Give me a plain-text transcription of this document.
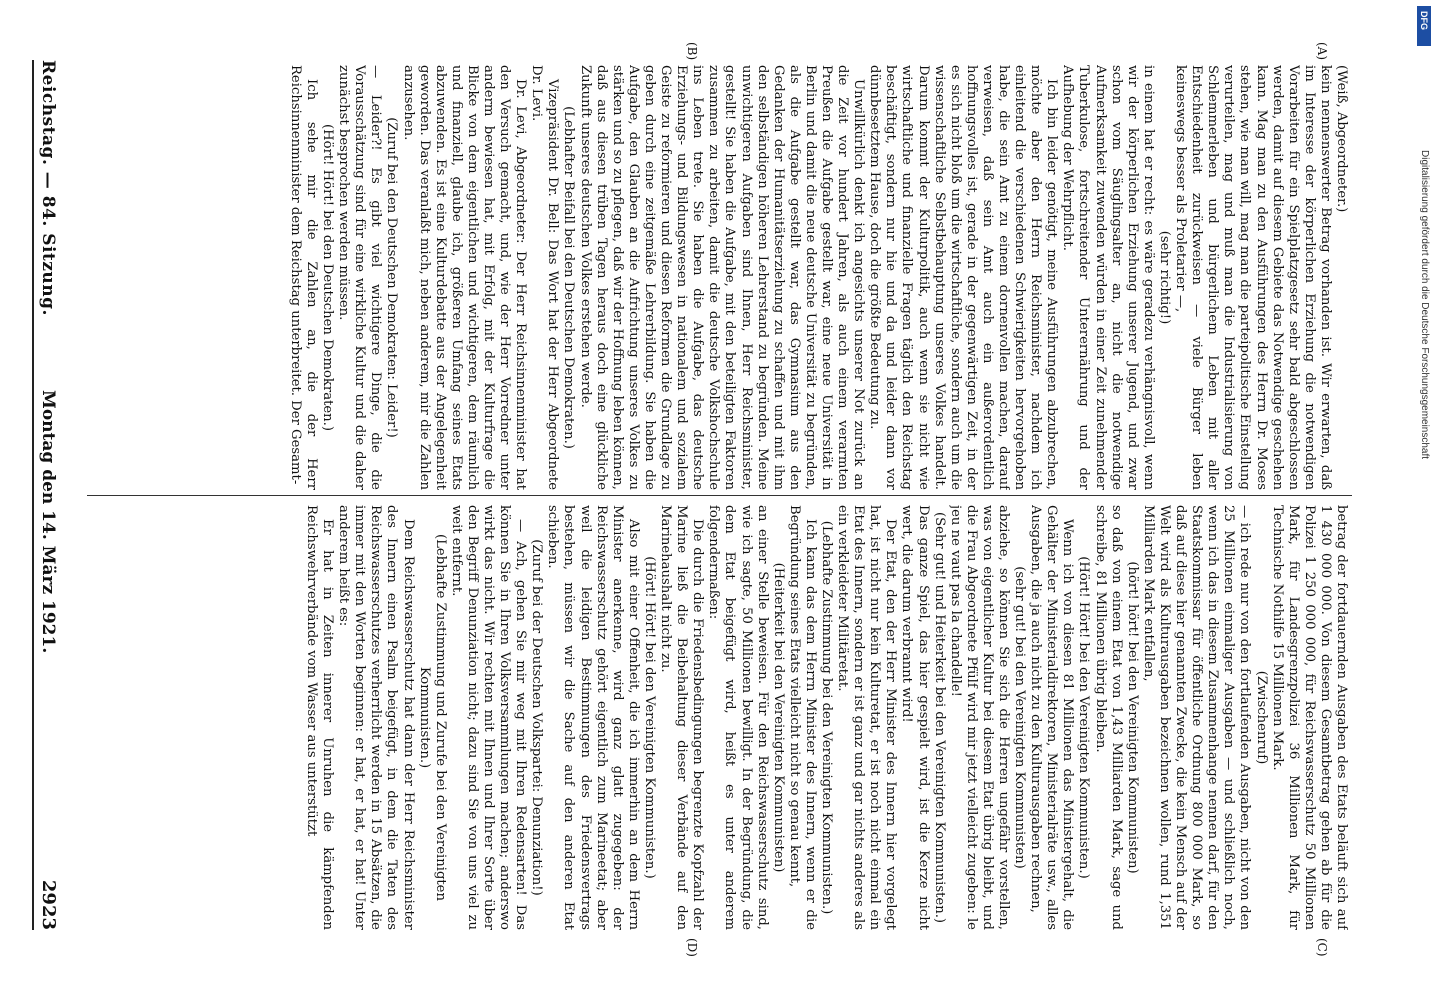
Reichstag. — 84. Sitzung.
Montag den 14. März 1921.
2923
(A)
(B)
(C)
(D)

(Weiß, Abgeordneter.)

kein nennenswerter Betrag vorhanden ist. Wir erwarten, daß im Interesse der körperlichen Erziehung die notwendigen Vorarbeiten für ein Spielplatzgesetz sehr bald abgeschlossen werden, damit auf diesem Gebiete das Notwendige geschehen kann. Mag man zu den Ausführungen des Herrn Dr. Moses stehen, wie man will, mag man die parteipolitische Einstellung verurteilen, mag und muß man die Industrialisierung von Schlemmerleben und bürgerlichem Leben mit aller Entschiedenheit zurückweisen — viele Bürger leben keineswegs besser als Proletarier —,

(sehr richtig!)

in einem hat er recht: es wäre geradezu verhängnisvoll, wenn wir der körperlichen Erziehung unserer Jugend, und zwar schon vom Säuglingsalter an, nicht die notwendige Aufmerksamkeit zuwenden würden in einer Zeit zunehmender Tuberkulose, fortschreitender Unterernährung und der Aufhebung der Wehrpflicht.

Ich bin leider genötigt, meine Ausführungen abzubrechen, möchte aber den Herrn Reichsminister, nachdem ich einleitend die verschiedenen Schwierigkeiten hervorgehoben habe, die sein Amt zu einem dornenvollen machen, darauf verweisen, daß sein Amt auch ein außerordentlich hoffnungsvolles ist, gerade in der gegenwärtigen Zeit, in der es sich nicht bloß um die wirtschaftliche, sondern auch um die wissenschaftliche Selbstbehauptung unseres Volkes handelt. Darum kommt der Kulturpolitik, auch wenn sie nicht wie wirtschaftliche und finanzielle Fragen täglich den Reichstag beschäftigt, sondern nur hie und da und leider dann vor dünnbesetztem Hause, doch die größte Bedeutung zu.

Unwillkürlich denkt ich angesichts unserer Not zurück an die Zeit vor hundert Jahren, als auch einem verarmten Preußen die Aufgabe gestellt war, eine neue Universität in Berlin und damit die neue deutsche Universität zu begründen, als die Aufgabe gestellt war, das Gymnasium aus den Gedanken der Humanitätserziehung zu schaffen und mit ihm den selbständigen höheren Lehrerstand zu begründen. Meine unwichtigeren Aufgaben sind Ihnen, Herr Reichsminister, gestellt! Sie haben die Aufgabe, mit den beteiligten Faktoren zusammen zu arbeiten, damit die deutsche Volkshochschule ins Leben trete. Sie haben die Aufgabe, das deutsche Erziehungs- und Bildungswesen in nationalem und sozialem Geiste zu reformieren und diesen Reformen die Grundlage zu geben durch eine zeitgemäße Lehrerbildung. Sie haben die Aufgabe, den Glauben an die Aufrichtung unseres Volkes zu stärken und so zu pflegen, daß wir der Hoffnung leben können, daß aus diesen trüben Tagen heraus doch eine glückliche Zukunft unseres deutschen Volkes erstehen werde.

(Lebhafter Beifall bei den Deutschen Demokraten.)

Vizepräsident Dr. Bell: Das Wort hat der Herr Abgeordnete Dr. Levi.

Dr. Levi, Abgeordneter: Der Herr Reichsinnenminister hat den Versuch gemacht, und, wie der Herr Vorredner unter anderm bewiesen hat, mit Erfolg, mit der Kulturfrage die Blicke von dem eigentlichen und wichtigeren, dem räumlich und finanziell, glaube ich, größeren Umfang seines Etats abzuwenden. Es ist eine Kulturdebatte aus der Angelegenheit geworden. Das veranlaßt mich, neben anderem, mir die Zahlen anzusehen.

(Zuruf bei den Deutschen Demokraten: Leider!)

— Leider?! Es gibt viel wichtigere Dinge, die die Vorausschätzung sind für eine wirkliche Kultur und die daher zunächst besprochen werden müssen.

(Hört! Hört! bei den Deutschen Demokraten.)

Ich sehe mir die Zahlen an, die der Herr Reichsinnenminister dem Reichstag unterbreitet. Der Gesamt-

betrag der fortdauernden Ausgaben des Etats beläuft sich auf 1 430 000 000. Von diesem Gesamtbetrag gehen ab für die Polizei 1 250 000 000, für Reichswasserschutz 50 Millionen Mark, für Landesgrenzpolizei 36 Millionen Mark, für Technische Nothilfe 15 Millionen Mark.

(Zwischenruf)

— ich rede nur von den fortlaufenden Ausgaben, nicht von den 25 Millionen einmaliger Ausgaben — und schließlich noch, wenn ich das in diesem Zusammenhange nennen darf, für den Staatskommissar für öffentliche Ordnung 800 000 Mark, so daß auf diese hier genannten Zwecke, die kein Mensch auf der Welt wird als Kulturausgaben bezeichnen wollen, rund 1,351 Milliarden Mark entfallen,

(hört! hört! bei den Vereinigten Kommunisten)

so daß von einem Etat von 1,43 Milliarden Mark, sage und schreibe, 81 Millionen übrig bleiben.

(Hört! Hört! bei den Vereinigten Kommunisten.)

Wenn ich von diesen 81 Millionen das Ministergehalt, die Gehälter der Ministerialdirektoren, Ministerialräte usw., alles Ausgaben, die ja auch nicht zu den Kulturausgaben rechnen,

(sehr gut! bei den Vereinigten Kommunisten)

abziehe, so können Sie sich die Herren ungefähr vorstellen, was von eigentlicher Kultur bei diesem Etat übrig bleibt, und die Frau Abgeordnete Pfülf wird mir jetzt vielleicht zugeben: le jeu ne vaut pas la chandelle!

(Sehr gut! und Heiterkeit bei den Vereinigten Kommunisten.)

Das ganze Spiel, das hier gespielt wird, ist die Kerze nicht wert, die darum verbrannt wird!

Der Etat, den der Herr Minister des Innern hier vorgelegt hat, ist nicht nur kein Kulturetat, er ist noch nicht einmal ein Etat des Innern, sondern er ist ganz und gar nichts anderes als ein verkleideter Militäretat.

(Lebhafte Zustimmung bei den Vereinigten Kommunisten.)

Ich kann das dem Herrn Minister des Innern, wenn er die Begründung seines Etats vielleicht nicht so genau kennt,

(Heiterkeit bei den Vereinigten Kommunisten)

an einer Stelle beweisen. Für den Reichswasserschutz sind, wie ich sagte, 50 Millionen bewilligt. In der Begründung, die dem Etat beigefügt wird, heißt es unter anderem folgendermaßen:

Die durch die Friedensbedingungen begrenzte Kopfzahl der Marine ließ die Beibehaltung dieser Verbände auf den Marinehaushalt nicht zu.

(Hört! Hört! bei den Vereinigten Kommunisten.)

Also mit einer Offenheit, die ich immerhin an dem Herrn Minister anerkenne, wird ganz glatt zugegeben: der Reichswasserschutz gehört eigentlich zum Marineetat; aber weil die leidigen Bestimmungen des Friedensvertrags bestehen, müssen wir die Sache auf den anderen Etat schieben.

(Zuruf bei der Deutschen Volkspartei: Denunziation!)

— Ach, gehen Sie mir weg mit Ihren Redensarten! Das können Sie in Ihren Volksversammlungen machen; anderswo wirkt das nicht. Wir rechten mit Ihnen und Ihrer Sorte über den Begriff Denunziation nicht; dazu sind Sie von uns viel zu weit entfernt.

(Lebhafte Zustimmung und Zurufe bei den Vereinigten Kommunisten.)

Dem Reichswasserschutz hat dann der Herr Reichsminister des Innern einen Psalm beigefügt, in dem die Taten des Reichswasserschutzes verherrlicht werden in 15 Absätzen, die immer mit den Worten beginnen: er hat, er hat, er hat! Unter anderem heißt es:

Er hat in Zeiten innerer Unruhen die kämpfenden Reichswehrverbände vom Wasser aus unterstützt

Digitalisierung gefördert durch die Deutsche Forschungsgemeinschaft
DFG
